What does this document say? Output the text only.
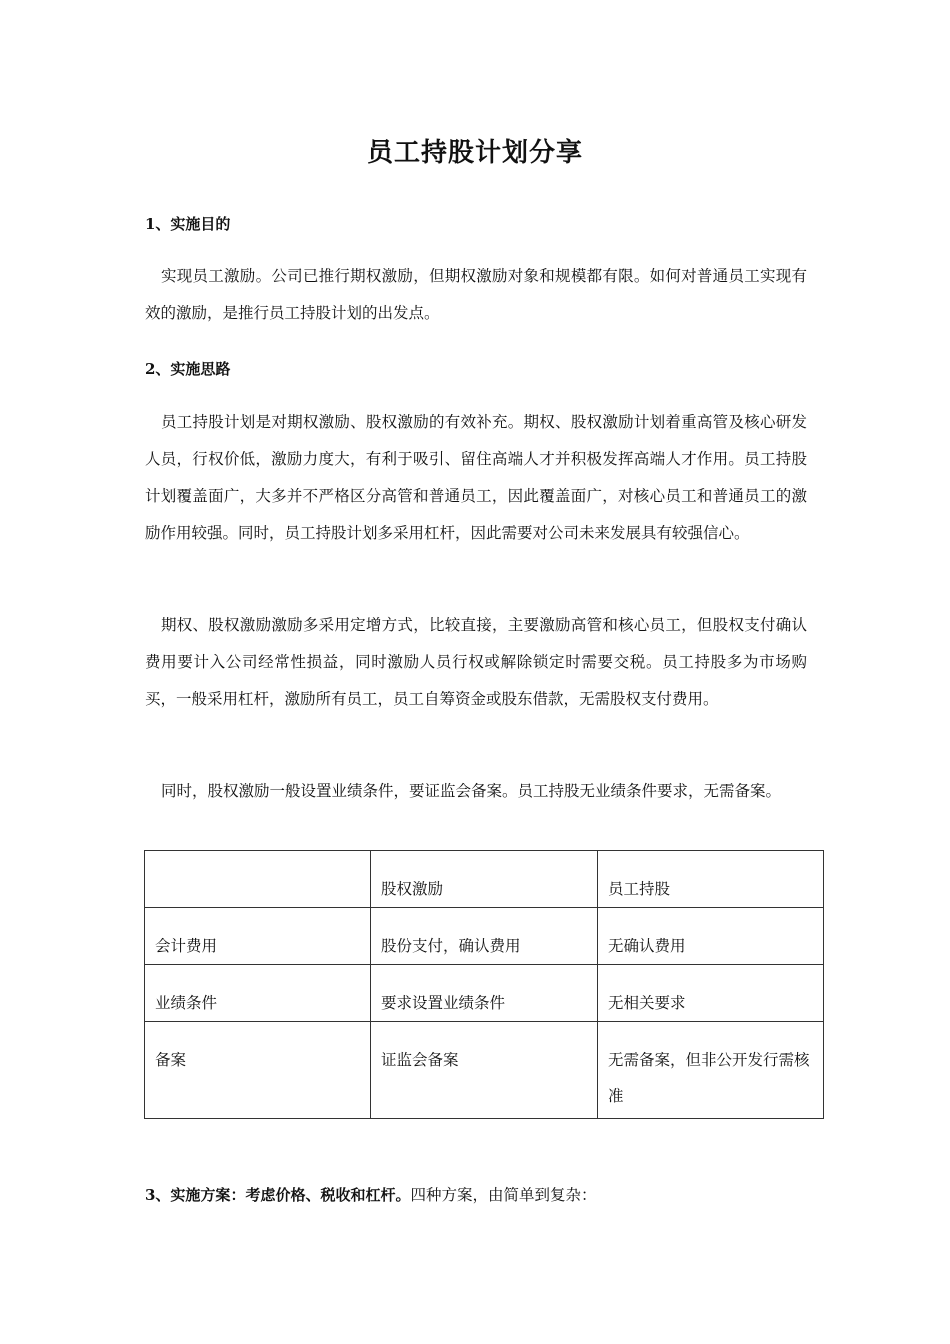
员工持股计划分享
1、实施目的
实现员工激励。公司已推行期权激励，但期权激励对象和规模都有限。如何对普通员工实现有效的激励，是推行员工持股计划的出发点。
2、实施思路
员工持股计划是对期权激励、股权激励的有效补充。期权、股权激励计划着重高管及核心研发人员，行权价低，激励力度大，有利于吸引、留住高端人才并积极发挥高端人才作用。员工持股计划覆盖面广，大多并不严格区分高管和普通员工，因此覆盖面广，对核心员工和普通员工的激励作用较强。同时，员工持股计划多采用杠杆，因此需要对公司未来发展具有较强信心。
期权、股权激励激励多采用定增方式，比较直接，主要激励高管和核心员工，但股权支付确认费用要计入公司经常性损益，同时激励人员行权或解除锁定时需要交税。员工持股多为市场购买，一般采用杠杆，激励所有员工，员工自筹资金或股东借款，无需股权支付费用。
同时，股权激励一般设置业绩条件，要证监会备案。员工持股无业绩条件要求，无需备案。
	股权激励	员工持股
会计费用	股份支付，确认费用	无确认费用
业绩条件	要求设置业绩条件	无相关要求
备案	证监会备案	无需备案，但非公开发行需核准
3、实施方案：考虑价格、税收和杠杆。四种方案，由简单到复杂：
